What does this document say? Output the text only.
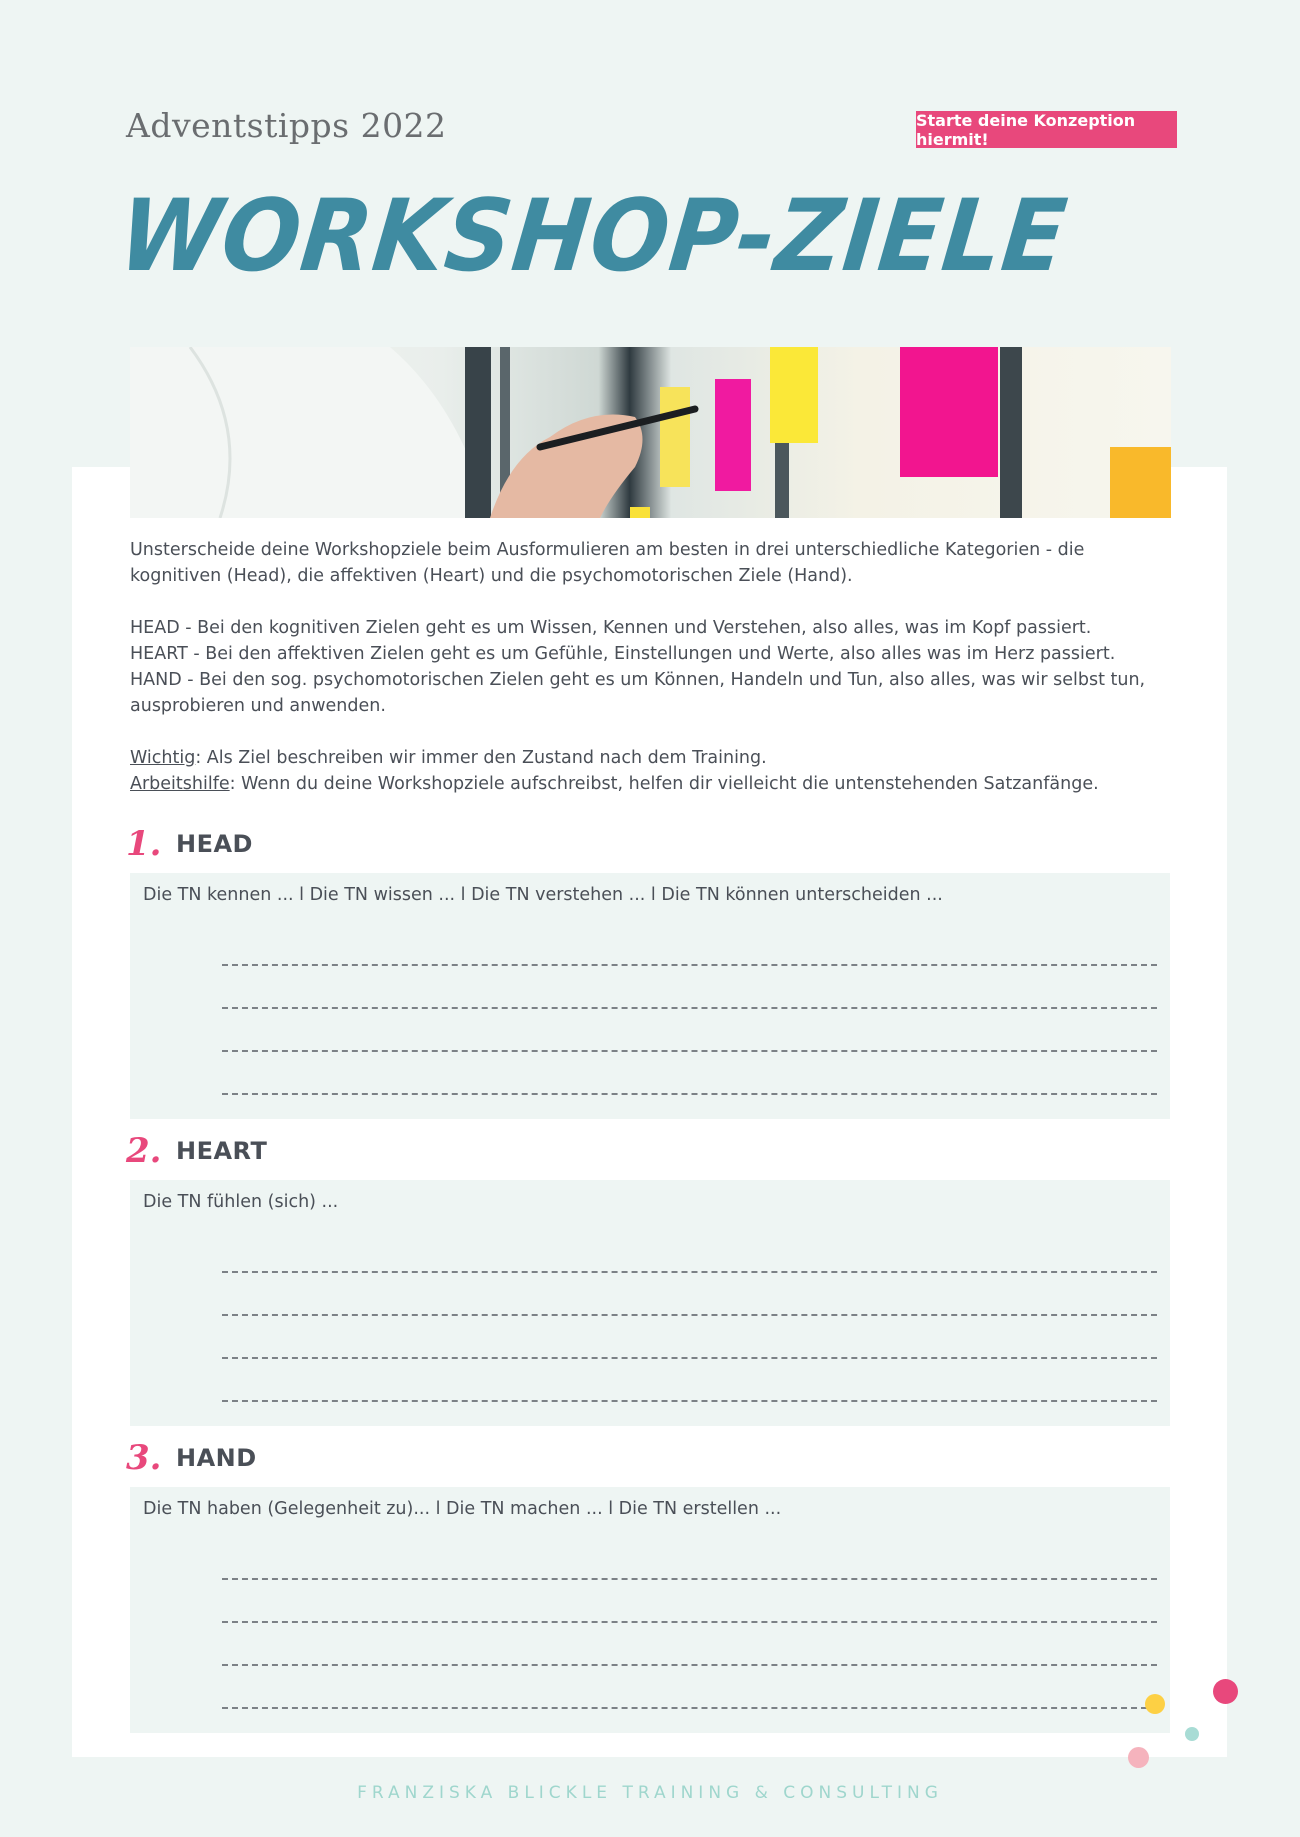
Adventstipps 2022	Starte deine Konzeption hiermit!
WORKSHOP-ZIELE

Unsterscheide deine Workshopziele beim Ausformulieren am besten in drei unterschiedliche Kategorien - die kognitiven (Head), die affektiven (Heart) und die psychomotorischen Ziele (Hand).

HEAD - Bei den kognitiven Zielen geht es um Wissen, Kennen und Verstehen, also alles, was im Kopf passiert.

HEART - Bei den affektiven Zielen geht es um Gefühle, Einstellungen und Werte, also alles was im Herz passiert.

HAND - Bei den sog. psychomotorischen Zielen geht es um Können, Handeln und Tun, also alles, was wir selbst tun, ausprobieren und anwenden.

Wichtig: Als Ziel beschreiben wir immer den Zustand nach dem Training.

Arbeitshilfe: Wenn du deine Workshopziele aufschreibst, helfen dir vielleicht die untenstehenden Satzanfänge.

1. HEAD
Die TN kennen ... l Die TN wissen ... l Die TN verstehen ... l Die TN können unterscheiden ...
2. HEART
Die TN fühlen (sich) ...
3. HAND
Die TN haben (Gelegenheit zu)... l Die TN machen ... l Die TN erstellen ...
FRANZISKA BLICKLE TRAINING & CONSULTING
